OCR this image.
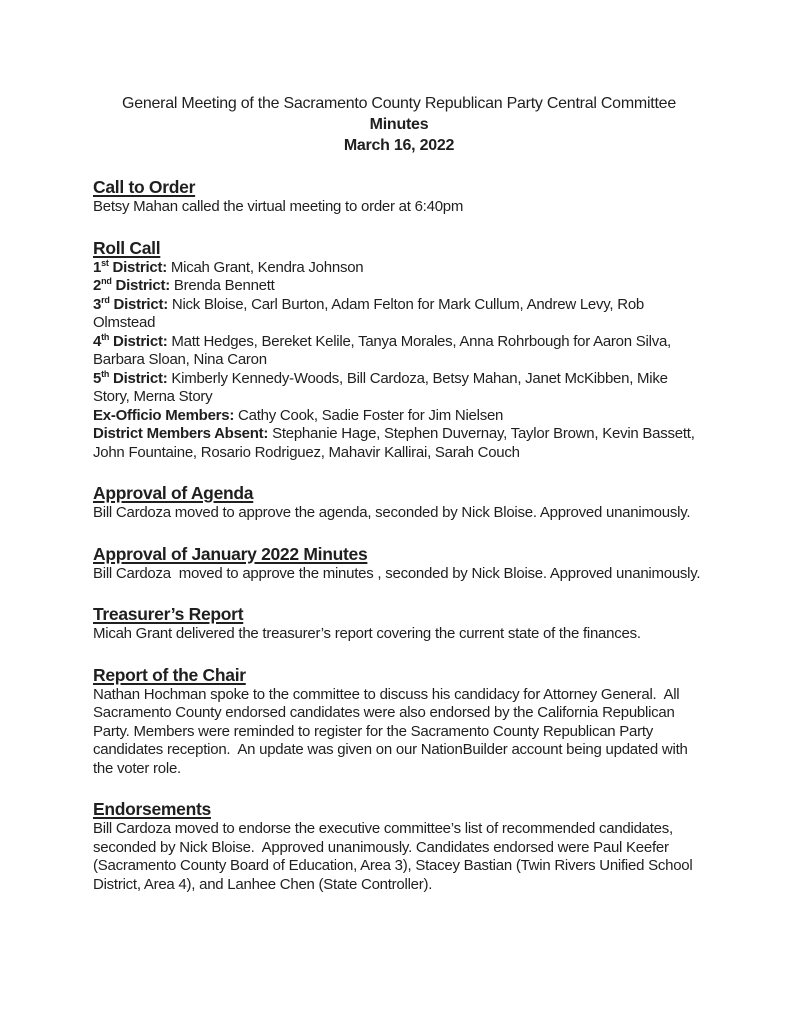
General Meeting of the Sacramento County Republican Party Central Committee
Minutes
March 16, 2022
Call to Order

Betsy Mahan called the virtual meeting to order at 6:40pm

Roll Call
1st District: Micah Grant, Kendra Johnson
2nd District: Brenda Bennett
3rd District: Nick Bloise, Carl Burton, Adam Felton for Mark Cullum, Andrew Levy, Rob Olmstead
4th District: Matt Hedges, Bereket Kelile, Tanya Morales, Anna Rohrbough for Aaron Silva, Barbara Sloan, Nina Caron
5th District: Kimberly Kennedy-Woods, Bill Cardoza, Betsy Mahan, Janet McKibben, Mike Story, Merna Story
Ex-Officio Members: Cathy Cook, Sadie Foster for Jim Nielsen
District Members Absent: Stephanie Hage, Stephen Duvernay, Taylor Brown, Kevin Bassett, John Fountaine, Rosario Rodriguez, Mahavir Kallirai, Sarah Couch
Approval of Agenda

Bill Cardoza moved to approve the agenda, seconded by Nick Bloise. Approved unanimously.

Approval of January 2022 Minutes

Bill Cardoza  moved to approve the minutes , seconded by Nick Bloise. Approved unanimously.

Treasurer’s Report

Micah Grant delivered the treasurer’s report covering the current state of the finances.

Report of the Chair

Nathan Hochman spoke to the committee to discuss his candidacy for Attorney General.  All Sacramento County endorsed candidates were also endorsed by the California Republican Party. Members were reminded to register for the Sacramento County Republican Party candidates reception.  An update was given on our NationBuilder account being updated with the voter role.

Endorsements

Bill Cardoza moved to endorse the executive committee’s list of recommended candidates, seconded by Nick Bloise.  Approved unanimously. Candidates endorsed were Paul Keefer (Sacramento County Board of Education, Area 3), Stacey Bastian (Twin Rivers Unified School District, Area 4), and Lanhee Chen (State Controller).
